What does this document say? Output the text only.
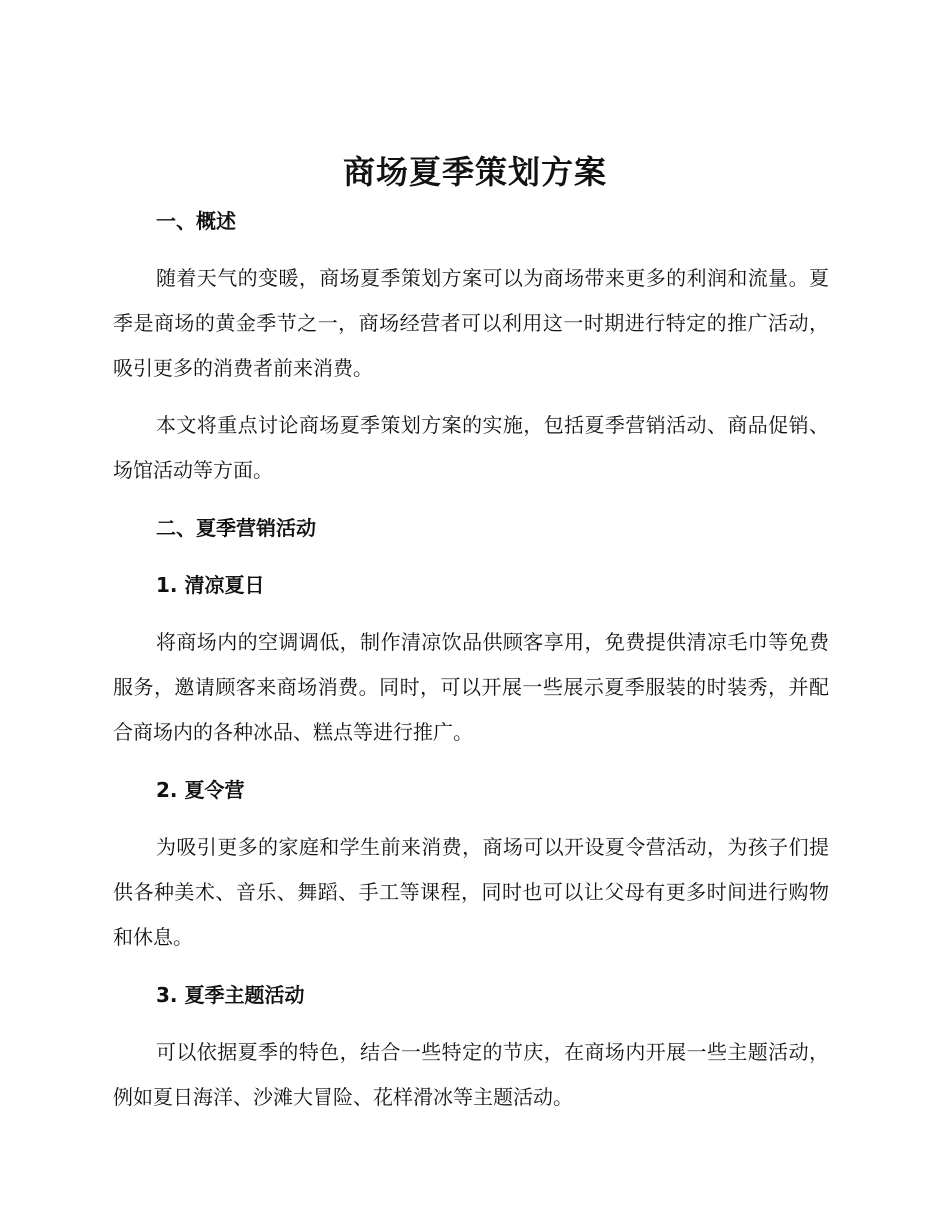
商场夏季策划方案
一、概述

随着天气的变暖，商场夏季策划方案可以为商场带来更多的利润和流量。夏季是商场的黄金季节之一，商场经营者可以利用这一时期进行特定的推广活动，吸引更多的消费者前来消费。

本文将重点讨论商场夏季策划方案的实施，包括夏季营销活动、商品促销、场馆活动等方面。

二、夏季营销活动
1. 清凉夏日

将商场内的空调调低，制作清凉饮品供顾客享用，免费提供清凉毛巾等免费服务，邀请顾客来商场消费。同时，可以开展一些展示夏季服装的时装秀，并配合商场内的各种冰品、糕点等进行推广。

2. 夏令营

为吸引更多的家庭和学生前来消费，商场可以开设夏令营活动，为孩子们提供各种美术、音乐、舞蹈、手工等课程，同时也可以让父母有更多时间进行购物和休息。

3. 夏季主题活动

可以依据夏季的特色，结合一些特定的节庆，在商场内开展一些主题活动，例如夏日海洋、沙滩大冒险、花样滑冰等主题活动。
